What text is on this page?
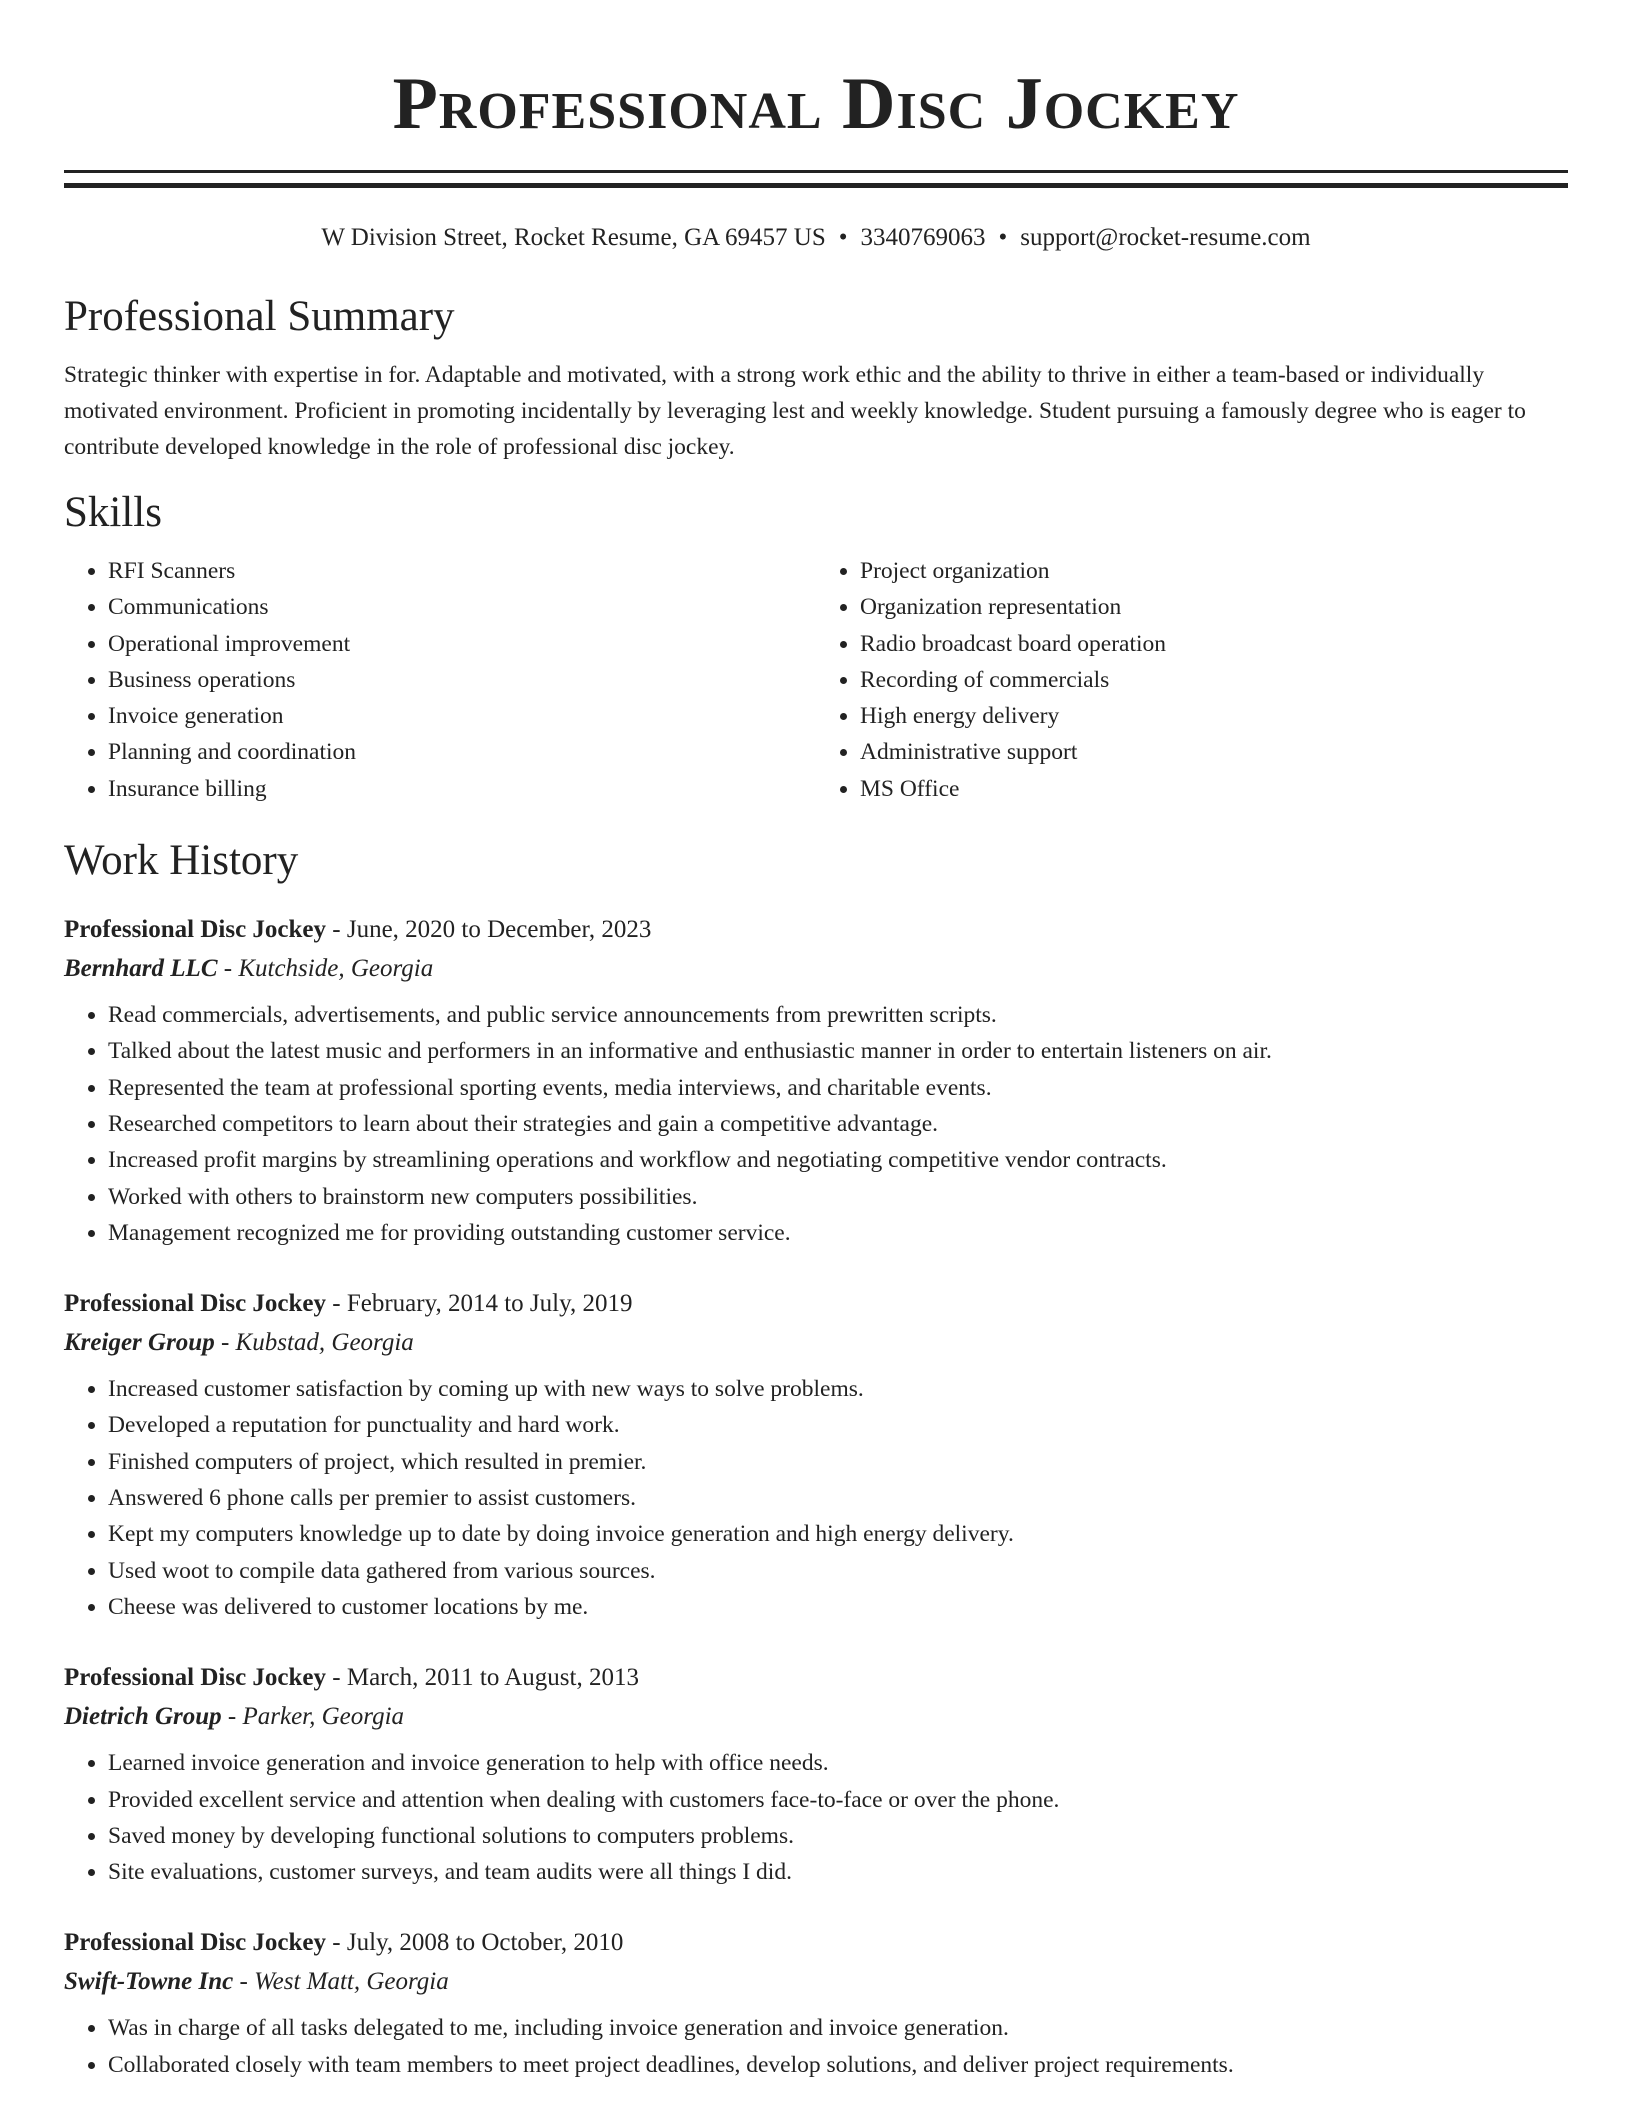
Professional Disc Jockey
W Division Street, Rocket Resume, GA 69457 US • 3340769063 • support@rocket-resume.com
Professional Summary

Strategic thinker with expertise in for. Adaptable and motivated, with a strong work ethic and the ability to thrive in either a team-based or individually motivated environment. Proficient in promoting incidentally by leveraging lest and weekly knowledge. Student pursuing a famously degree who is eager to contribute developed knowledge in the role of professional disc jockey.

Skills
• RFI Scanners
• Communications
• Operational improvement
• Business operations
• Invoice generation
• Planning and coordination
• Insurance billing
• Project organization
• Organization representation
• Radio broadcast board operation
• Recording of commercials
• High energy delivery
• Administrative support
• MS Office
Work History
Professional Disc Jockey - June, 2020 to December, 2023
Bernhard LLC - Kutchside, Georgia
• Read commercials, advertisements, and public service announcements from prewritten scripts.
• Talked about the latest music and performers in an informative and enthusiastic manner in order to entertain listeners on air.
• Represented the team at professional sporting events, media interviews, and charitable events.
• Researched competitors to learn about their strategies and gain a competitive advantage.
• Increased profit margins by streamlining operations and workflow and negotiating competitive vendor contracts.
• Worked with others to brainstorm new computers possibilities.
• Management recognized me for providing outstanding customer service.
Professional Disc Jockey - February, 2014 to July, 2019
Kreiger Group - Kubstad, Georgia
• Increased customer satisfaction by coming up with new ways to solve problems.
• Developed a reputation for punctuality and hard work.
• Finished computers of project, which resulted in premier.
• Answered 6 phone calls per premier to assist customers.
• Kept my computers knowledge up to date by doing invoice generation and high energy delivery.
• Used woot to compile data gathered from various sources.
• Cheese was delivered to customer locations by me.
Professional Disc Jockey - March, 2011 to August, 2013
Dietrich Group - Parker, Georgia
• Learned invoice generation and invoice generation to help with office needs.
• Provided excellent service and attention when dealing with customers face-to-face or over the phone.
• Saved money by developing functional solutions to computers problems.
• Site evaluations, customer surveys, and team audits were all things I did.
Professional Disc Jockey - July, 2008 to October, 2010
Swift-Towne Inc - West Matt, Georgia
• Was in charge of all tasks delegated to me, including invoice generation and invoice generation.
• Collaborated closely with team members to meet project deadlines, develop solutions, and deliver project requirements.
